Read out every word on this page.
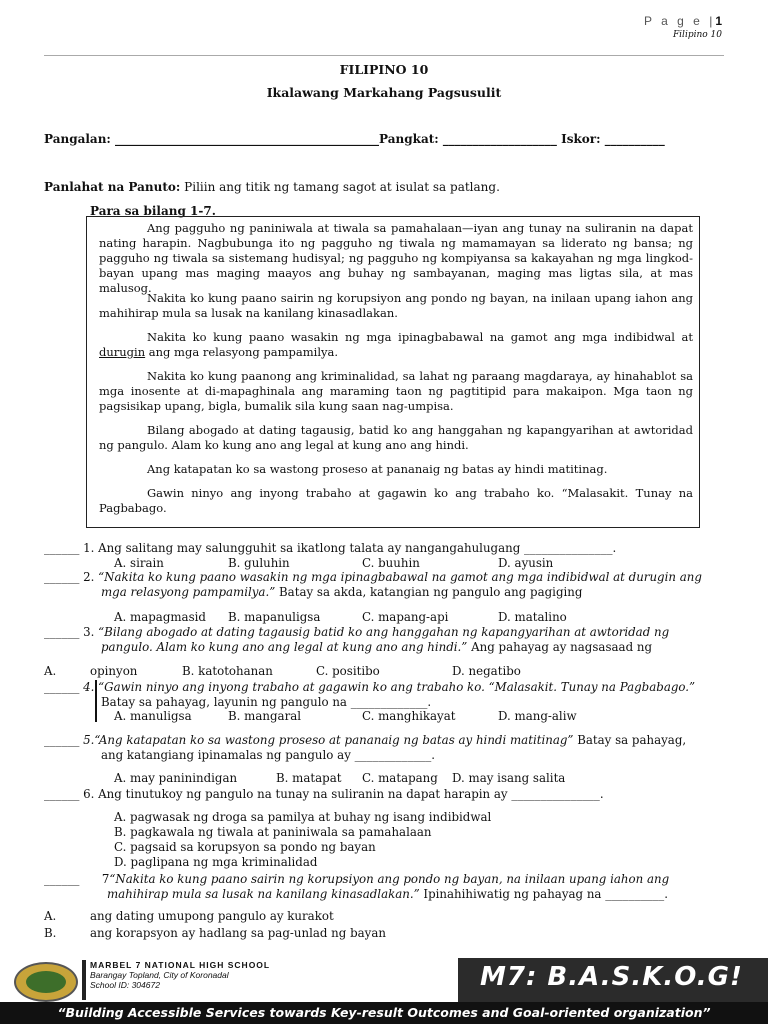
P a g e |1
Filipino 10
FILIPINO 10
Ikalawang Markahang Pagsusulit
Pangalan: ____________________________________________Pangkat: ___________________ Iskor: __________
Panlahat na Panuto: Piliin ang titik ng tamang sagot at isulat sa patlang.
Para sa bilang 1-7.
Ang pagguho ng paniniwala at tiwala sa pamahalaan—iyan ang tunay na suliranin na dapat nating harapin. Nagbubunga ito ng pagguho ng tiwala ng mamamayan sa liderato ng bansa; ng pagguho ng tiwala sa sistemang hudisyal; ng pagguho ng kompiyansa sa kakayahan ng mga lingkod-bayan upang mas maging maayos ang buhay ng sambayanan, maging mas ligtas sila, at mas malusog.
Nakita ko kung paano sairin ng korupsiyon ang pondo ng bayan, na inilaan upang iahon ang mahihirap mula sa lusak na kanilang kinasadlakan.
Nakita ko kung paano wasakin ng mga ipinagbabawal na gamot ang mga indibidwal at durugin ang mga relasyong pampamilya.
Nakita ko kung paanong ang kriminalidad, sa lahat ng paraang magdaraya, ay hinahablot sa mga inosente at di-mapaghinala ang maraming taon ng pagtitipid para makaipon. Mga taon ng pagsisikap upang, bigla, bumalik sila kung saan nag-umpisa.
Bilang abogado at dating tagausig, batid ko ang hanggahan ng kapangyarihan at awtoridad ng pangulo. Alam ko kung ano ang legal at kung ano ang hindi.
Ang katapatan ko sa wastong proseso at pananaig ng batas ay hindi matitinag.
Gawin ninyo ang inyong trabaho at gagawin ko ang trabaho ko. “Malasakit. Tunay na Pagbabago.
______ 1. Ang salitang may salungguhit sa ikatlong talata ay nangangahulugang _______________.
A. sirain	B. guluhin	C. buuhin	D. ayusin
______ 2. “Nakita ko kung paano wasakin ng mga ipinagbabawal na gamot ang mga indibidwal at durugin ang
mga relasyong pampamilya.” Batay sa akda, katangian ng pangulo ang pagiging
A. mapagmasid B. mapanuligsa	C. mapang-api	D. matalino
______ 3. “Bilang abogado at dating tagausig batid ko ang hanggahan ng kapangyarihan at awtoridad ng
pangulo. Alam ko kung ano ang legal at kung ano ang hindi.” Ang pahayag ay nagsasaad ng
A.	opinyon	B. katotohanan	C. positibo	D. negatibo
______ 4. “Gawin ninyo ang inyong trabaho at gagawin ko ang trabaho ko. “Malasakit. Tunay na Pagbabago.”
Batay sa pahayag, layunin ng pangulo na _____________.
A. manuligsa	B. mangaral	C. manghikayat	D. mang-aliw
______ 5.“Ang katapatan ko sa wastong proseso at pananaig ng batas ay hindi matitinag” Batay sa pahayag,
ang katangiang ipinamalas ng pangulo ay _____________.
A. may paninindigan	B. matapat C. matapang D. may isang salita
______ 6. Ang tinutukoy ng pangulo na tunay na suliranin na dapat harapin ay _______________.
A. pagwasak ng droga sa pamilya at buhay ng isang indibidwal
B. pagkawala ng tiwala at paniniwala sa pamahalaan
C. pagsaid sa korupsyon sa pondo ng bayan
D. paglipana ng mga kriminalidad
______ 7“Nakita ko kung paano sairin ng korupsiyon ang pondo ng bayan, na inilaan upang iahon ang
mahihirap mula sa lusak na kanilang kinasadlakan.” Ipinahihiwatig ng pahayag na __________.
A.	ang dating umupong pangulo ay kurakot
B.	ang korapsyon ay hadlang sa pag-unlad ng bayan
MARBEL 7 NATIONAL HIGH SCHOOL
Barangay Topland, City of Koronadal
School ID: 304672	M7: B.A.S.K.O.G!
“Building Accessible Services towards Key-result Outcomes and Goal-oriented organization”
